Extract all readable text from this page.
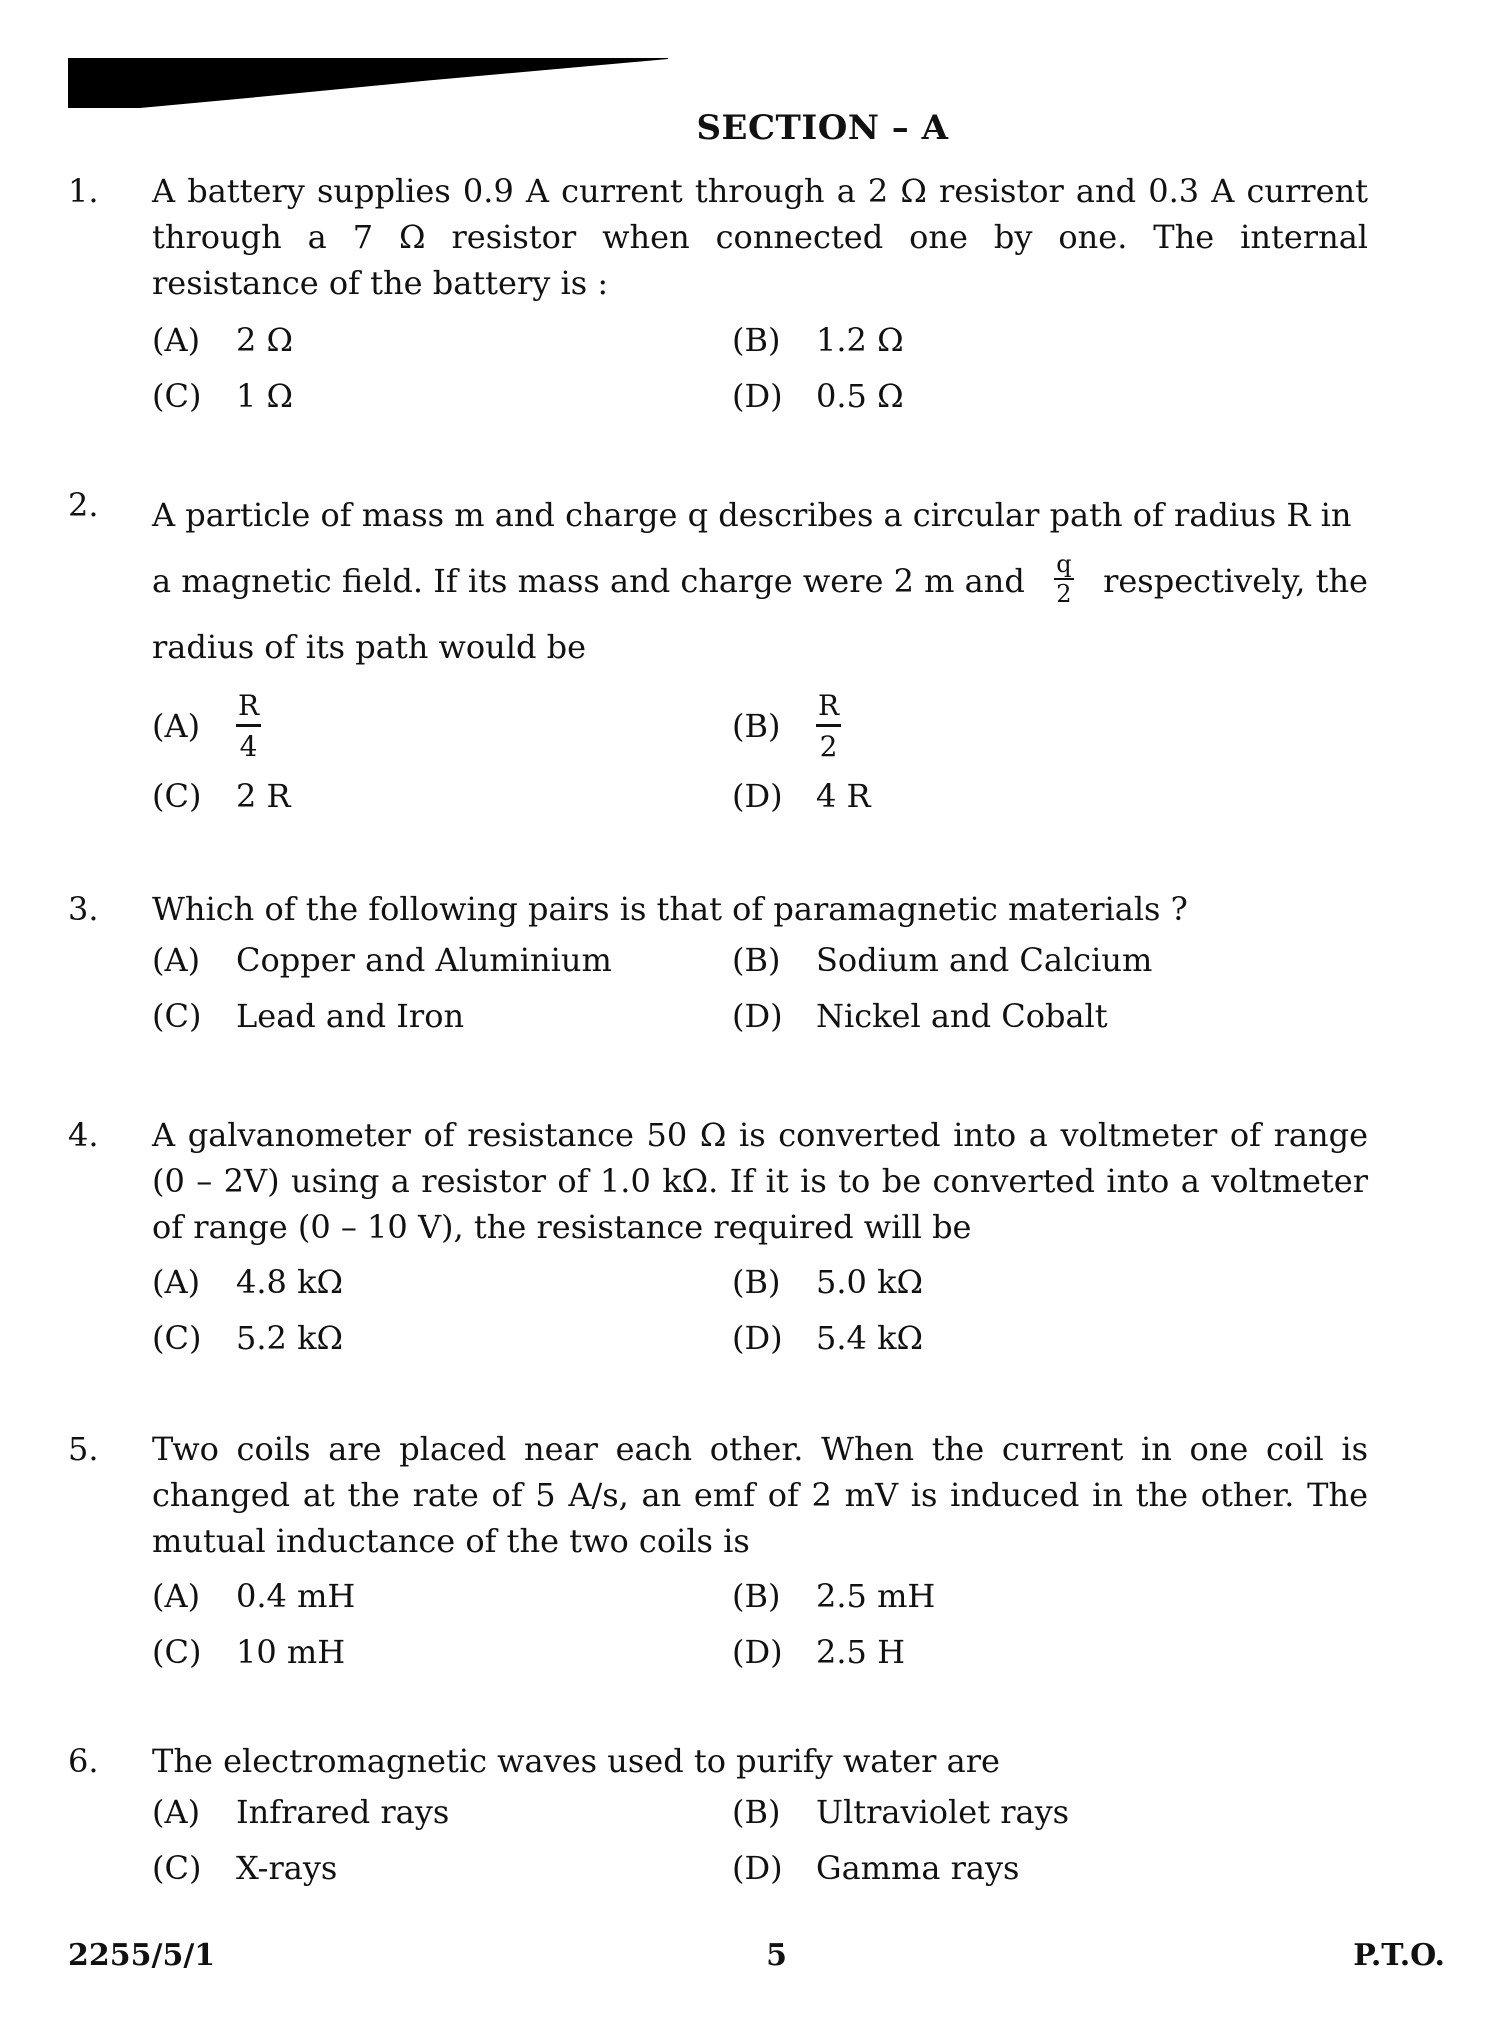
SECTION – A
1.	A battery supplies 0.9 A current through a 2 Ω resistor and 0.3 A current through a 7 Ω resistor when connected one by one. The internal resistance of the battery is :
(A)	2 Ω	(B)	1.2 Ω
(C)	1 Ω	(D)	0.5 Ω
2.	A particle of mass m and charge q describes a circular path of radius R in
a magnetic field. If its mass and charge were 2 m and $\frac{q}{2}$ respectively, the
radius of its path would be
(A)	$\frac{R}{4}$	(B)	$\frac{R}{2}$
(C)	2 R	(D)	4 R
3.	Which of the following pairs is that of paramagnetic materials ?
(A)	Copper and Aluminium	(B)	Sodium and Calcium
(C)	Lead and Iron	(D)	Nickel and Cobalt
4.	A galvanometer of resistance 50 Ω is converted into a voltmeter of range (0 – 2V) using a resistor of 1.0 kΩ. If it is to be converted into a voltmeter of range (0 – 10 V), the resistance required will be
(A)	4.8 kΩ	(B)	5.0 kΩ
(C)	5.2 kΩ	(D)	5.4 kΩ
5.	Two coils are placed near each other. When the current in one coil is changed at the rate of 5 A/s, an emf of 2 mV is induced in the other. The mutual inductance of the two coils is
(A)	0.4 mH	(B)	2.5 mH
(C)	10 mH	(D)	2.5 H
6.	The electromagnetic waves used to purify water are
(A)	Infrared rays	(B)	Ultraviolet rays
(C)	X-rays	(D)	Gamma rays
2255/5/1	5	P.T.O.
